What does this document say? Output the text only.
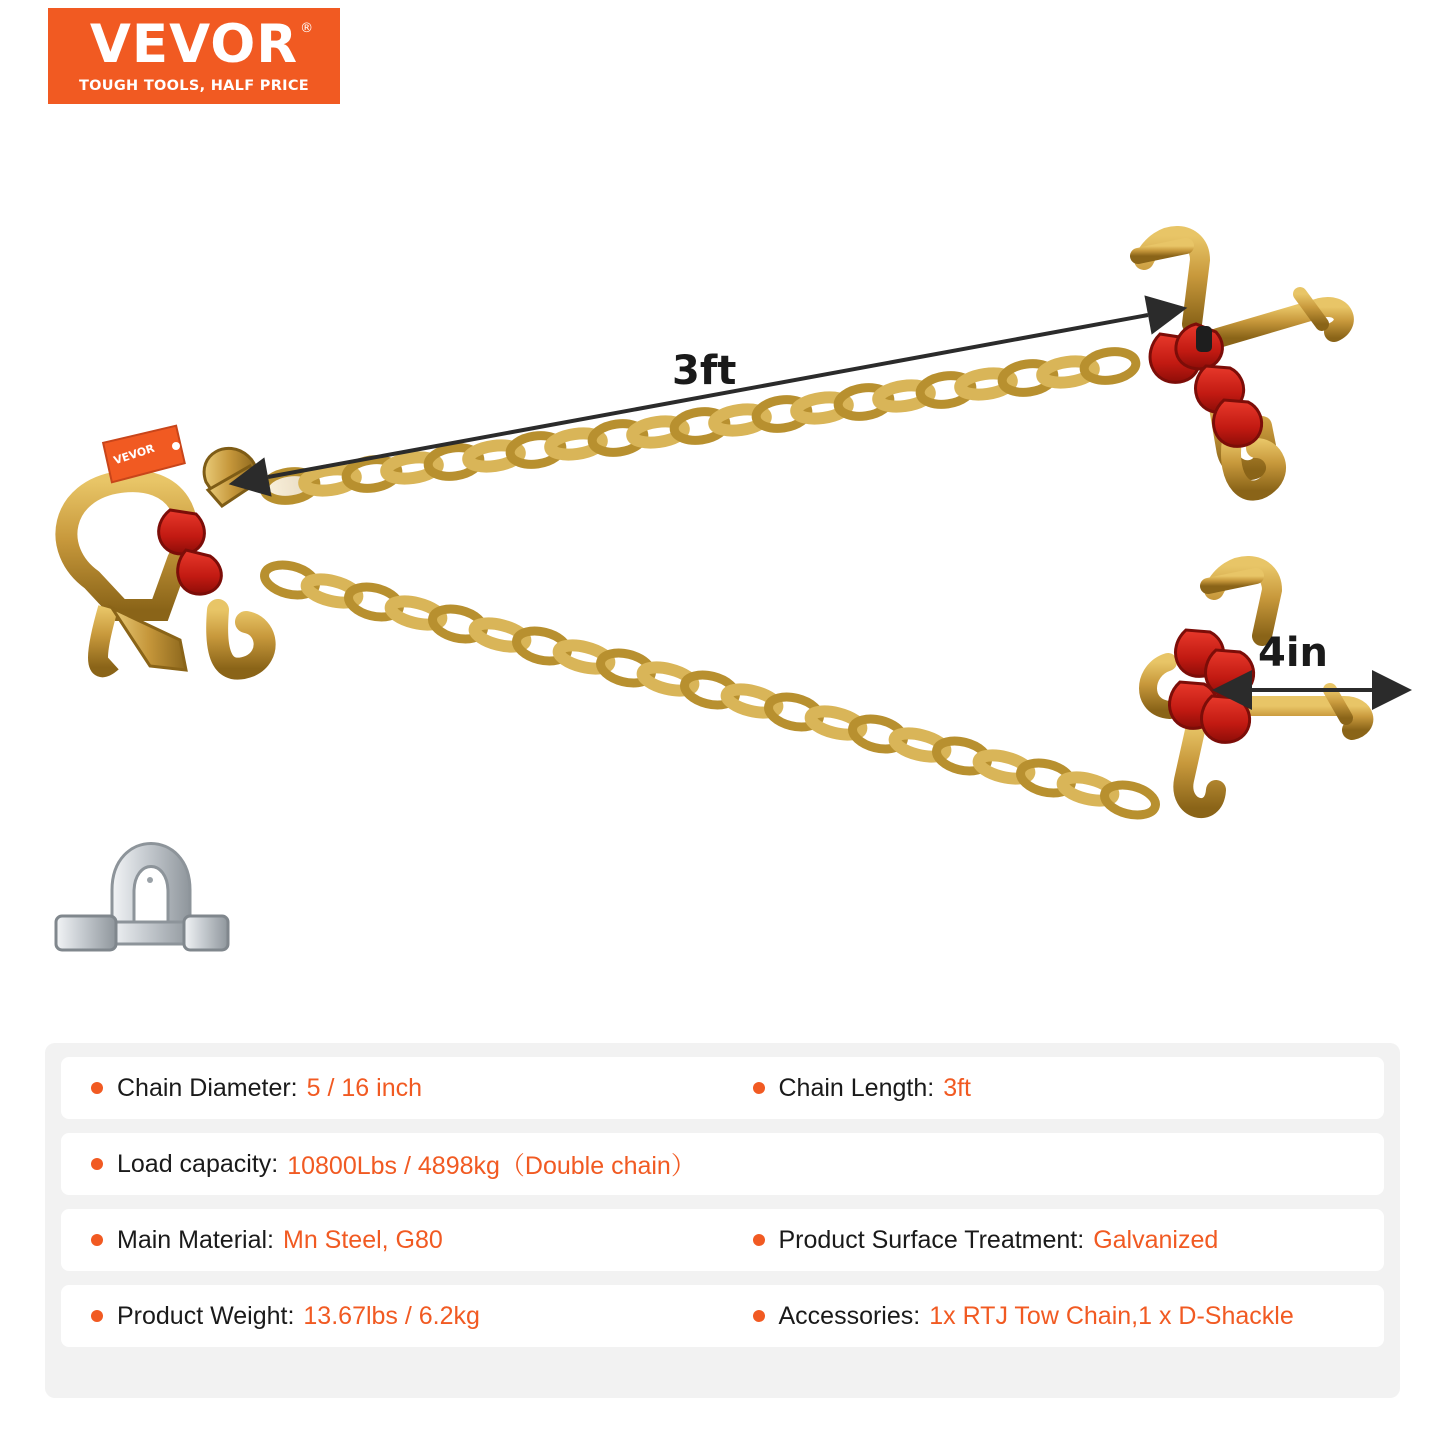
VEVOR ®
TOUGH TOOLS, HALF PRICE
3ft
4in
VEVOR
Chain Diameter: 5 / 16 inch	Chain Length: 3ft
Load capacity: 10800Lbs / 4898kg（Double chain）
Main Material: Mn Steel, G80	Product Surface Treatment: Galvanized
Product Weight: 13.67lbs / 6.2kg	Accessories: 1x RTJ Tow Chain,1 x D-Shackle
